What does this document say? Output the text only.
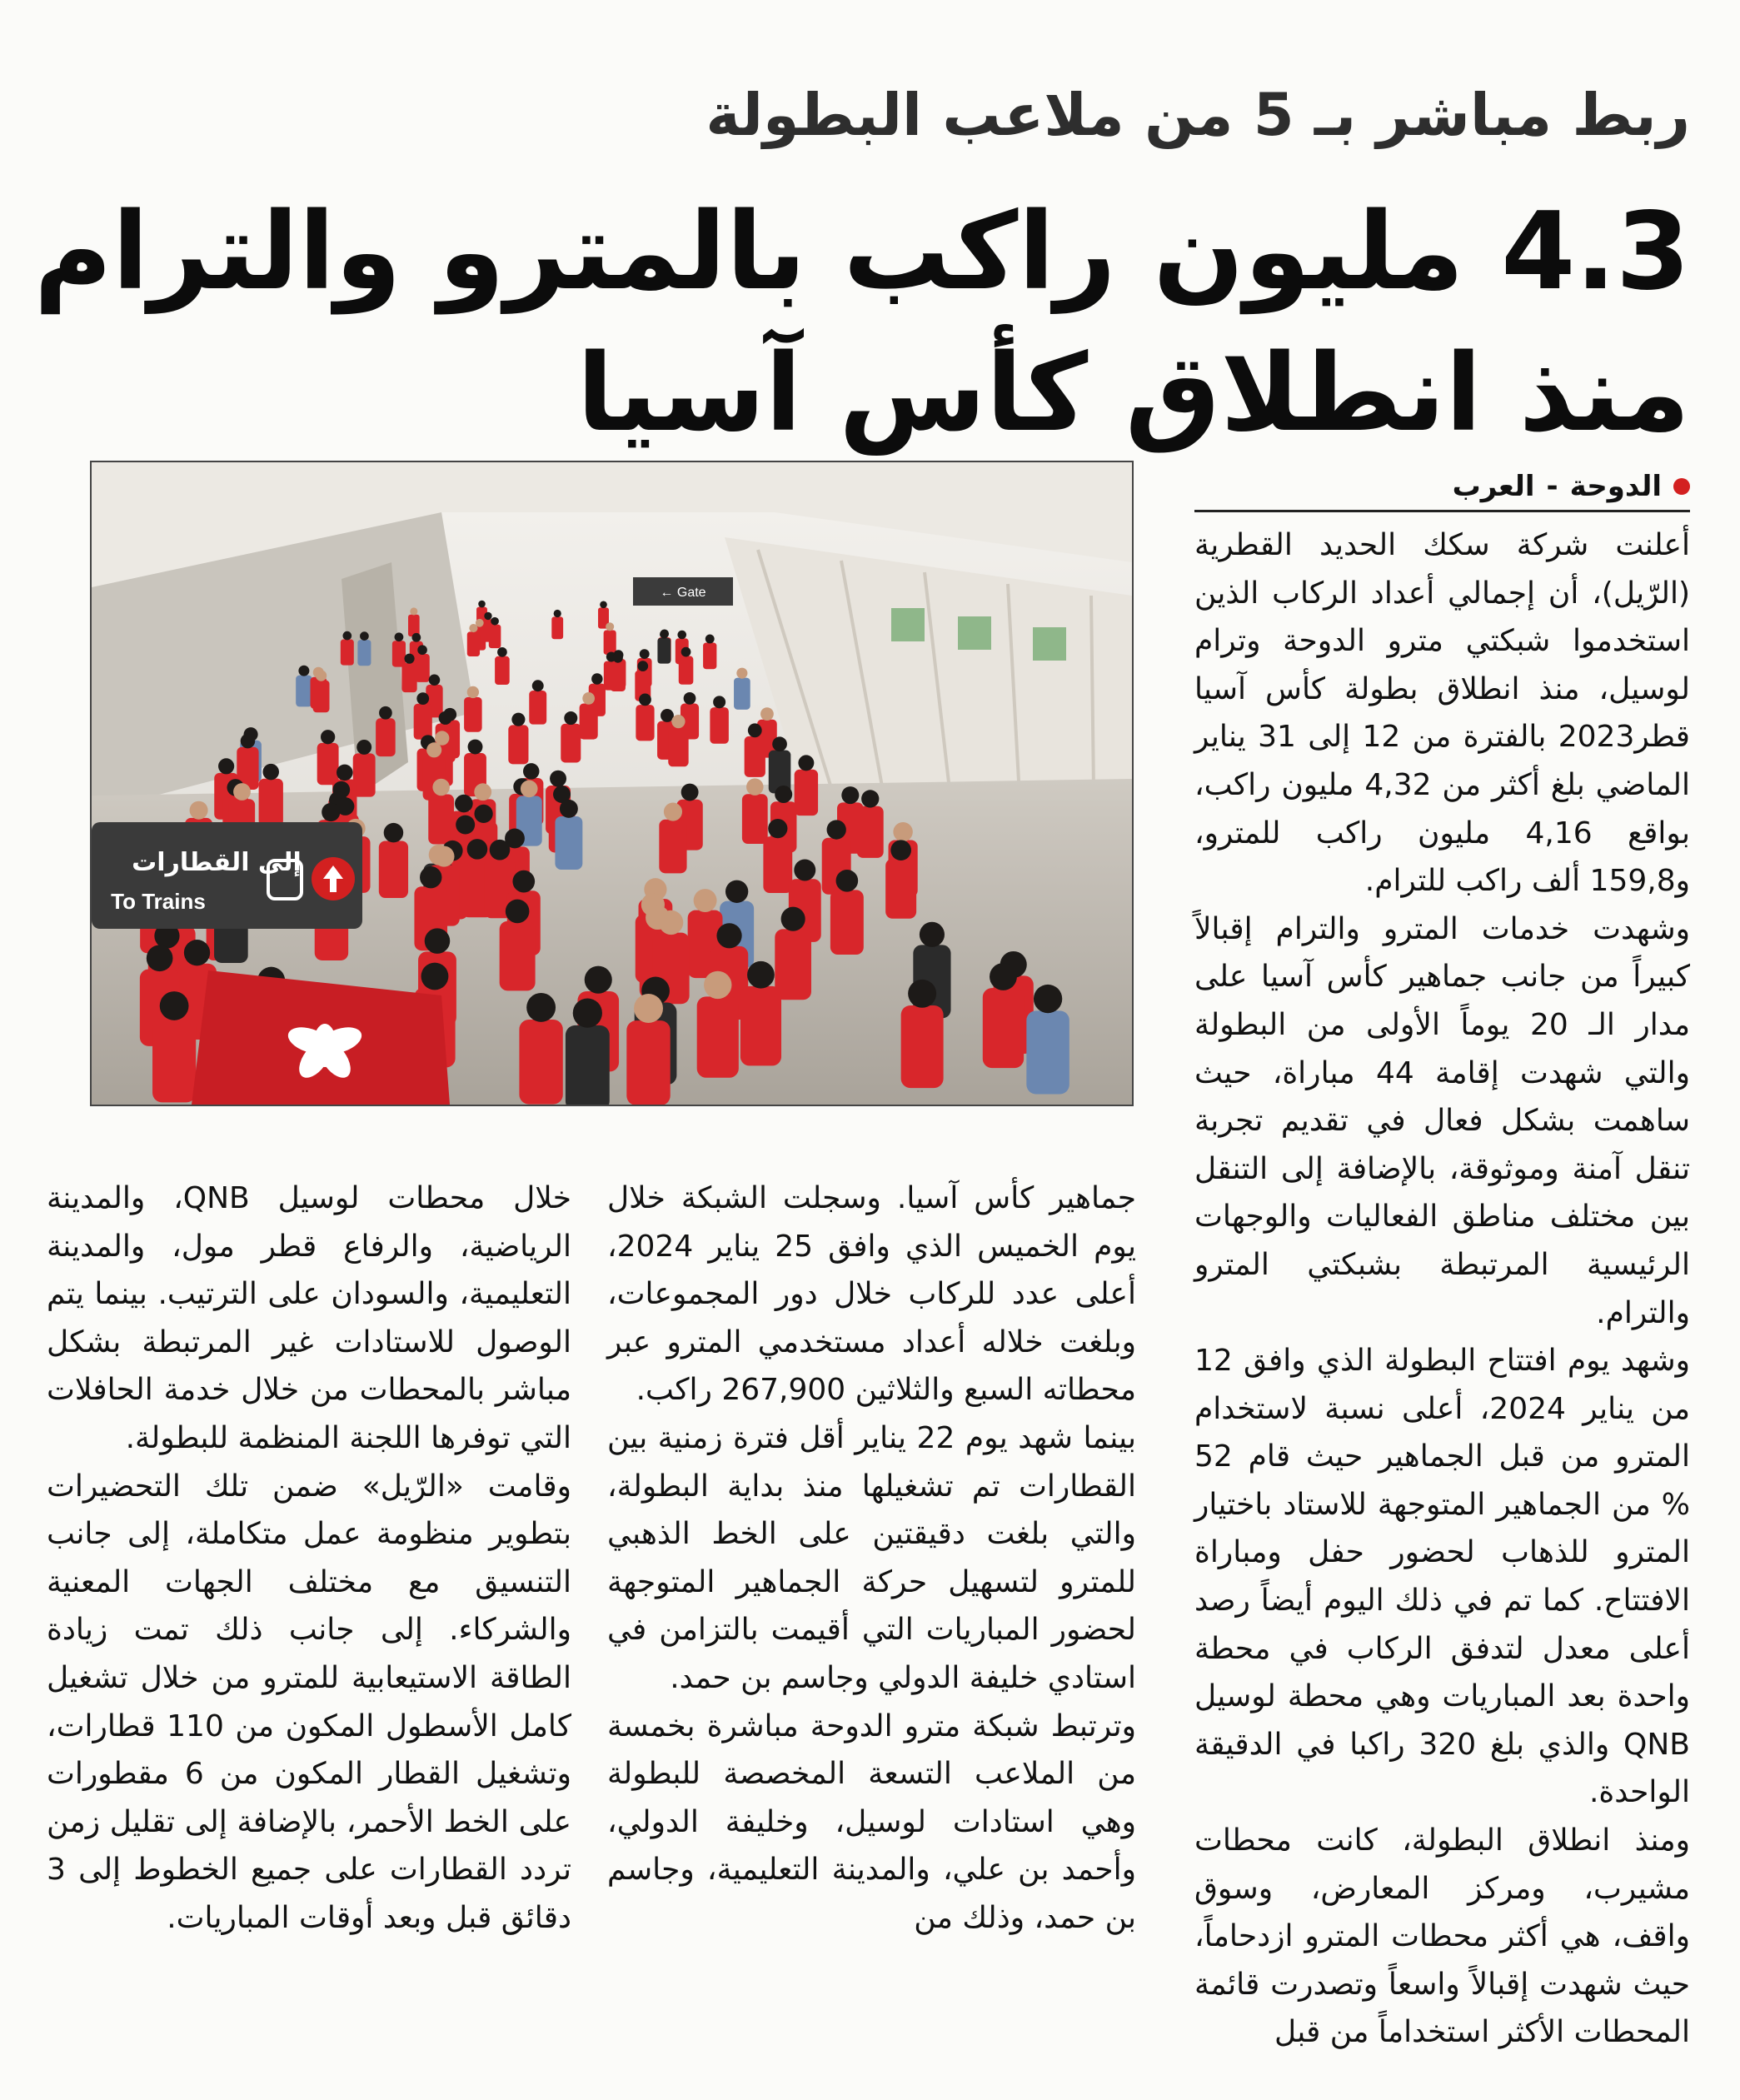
ربط مباشر بـ 5 من ملاعب البطولة
4.3 مليون راكب بالمترو والترام
منذ انطلاق كأس آسيا
الدوحة
-
العرب
Gate ←
إلى القطارات
To Trains

أعلنت شركة سكك الحديد القطرية (الرّيل)، أن إجمالي أعداد الركاب الذين استخدموا شبكتي مترو الدوحة وترام لوسيل، منذ انطلاق بطولة كأس آسيا قطر2023 بالفترة من 12 إلى 31 يناير الماضي بلغ أكثر من 4,32 مليون راكب، بواقع 4,16 مليون راكب للمترو، و159,8 ألف راكب للترام.

وشهدت خدمات المترو والترام إقبالاً كبيراً من جانب جماهير كأس آسيا على مدار الـ 20 يوماً الأولى من البطولة والتي شهدت إقامة 44 مباراة، حيث ساهمت بشكل فعال في تقديم تجربة تنقل آمنة وموثوقة، بالإضافة إلى التنقل بين مختلف مناطق الفعاليات والوجهات الرئيسية المرتبطة بشبكتي المترو والترام.

وشهد يوم افتتاح البطولة الذي وافق 12 من يناير 2024، أعلى نسبة لاستخدام المترو من قبل الجماهير حيث قام 52 % من الجماهير المتوجهة للاستاد باختيار المترو للذهاب لحضور حفل ومباراة الافتتاح. كما تم في ذلك اليوم أيضاً رصد أعلى معدل لتدفق الركاب في محطة واحدة بعد المباريات وهي محطة لوسيل QNB والذي بلغ 320 راكبا في الدقيقة الواحدة.

ومنذ انطلاق البطولة، كانت محطات مشيرب، ومركز المعارض، وسوق واقف، هي أكثر محطات المترو ازدحاماً، حيث شهدت إقبالاً واسعاً وتصدرت قائمة المحطات الأكثر استخداماً من قبل

جماهير كأس آسيا. وسجلت الشبكة خلال يوم الخميس الذي وافق 25 يناير 2024، أعلى عدد للركاب خلال دور المجموعات، وبلغت خلاله أعداد مستخدمي المترو عبر محطاته السبع والثلاثين 267,900 راكب.

بينما شهد يوم 22 يناير أقل فترة زمنية بين القطارات تم تشغيلها منذ بداية البطولة، والتي بلغت دقيقتين على الخط الذهبي للمترو لتسهيل حركة الجماهير المتوجهة لحضور المباريات التي أقيمت بالتزامن في استادي خليفة الدولي وجاسم بن حمد.

وترتبط شبكة مترو الدوحة مباشرة بخمسة من الملاعب التسعة المخصصة للبطولة وهي استادات لوسيل، وخليفة الدولي، وأحمد بن علي، والمدينة التعليمية، وجاسم بن حمد، وذلك من

خلال محطات لوسيل QNB، والمدينة الرياضية، والرفاع قطر مول، والمدينة التعليمية، والسودان على الترتيب. بينما يتم الوصول للاستادات غير المرتبطة بشكل مباشر بالمحطات من خلال خدمة الحافلات التي توفرها اللجنة المنظمة للبطولة.

وقامت «الرّيل» ضمن تلك التحضيرات بتطوير منظومة عمل متكاملة، إلى جانب التنسيق مع مختلف الجهات المعنية والشركاء. إلى جانب ذلك تمت زيادة الطاقة الاستيعابية للمترو من خلال تشغيل كامل الأسطول المكون من 110 قطارات، وتشغيل القطار المكون من 6 مقطورات على الخط الأحمر، بالإضافة إلى تقليل زمن تردد القطارات على جميع الخطوط إلى 3 دقائق قبل وبعد أوقات المباريات.
